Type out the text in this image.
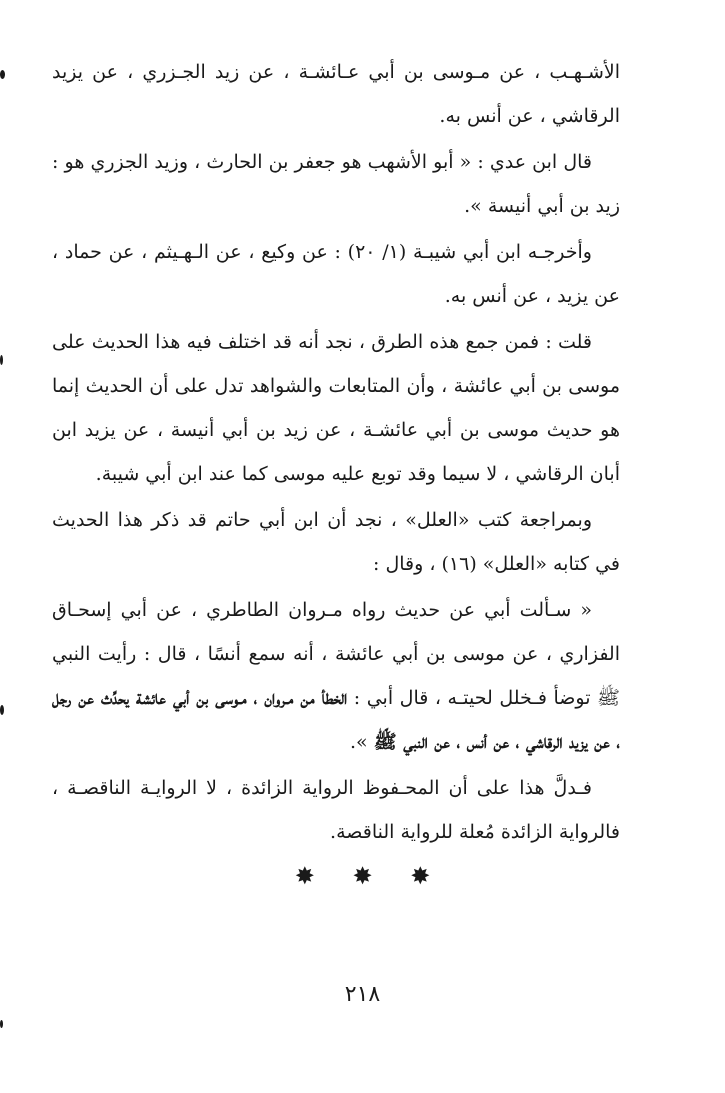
الأشـهـب ، عن مـوسى بن أبي عـائشـة ، عن زيد الجـزري ، عن يزيد الرقاشي ، عن أنس به.

قال ابن عدي : « أبو الأشهب هو جعفر بن الحارث ، وزيد الجزري هو : زيد بن أبي أنيسة ».

وأخرجـه ابن أبي شيبـة (١/ ٢٠) : عن وكيع ، عن الـهـيثم ، عن حماد ، عن يزيد ، عن أنس به.

قلت : فمن جمع هذه الطرق ، نجد أنه قد اختلف فيه هذا الحديث على موسى بن أبي عائشة ، وأن المتابعات والشواهد تدل على أن الحديث إنما هو حديث موسى بن أبي عائشـة ، عن زيد بن أبي أنيسة ، عن يزيد ابن أبان الرقاشي ، لا سيما وقد توبع عليه موسى كما عند ابن أبي شيبة.

وبمراجعة كتب «العلل» ، نجد أن ابن أبي حاتم قد ذكر هذا الحديث في كتابه «العلل» (١٦) ، وقال :

« سـألت أبي عن حديث رواه مـروان الطاطري ، عن أبي إسحـاق الفزاري ، عن موسى بن أبي عائشة ، أنه سمع أنسًا ، قال : رأيت النبي ﷺ توضأ فـخلل لحيتـه ، قال أبي : الخطأ من مـروان ، مـوسى بن أبي عائشة يحدِّث عن رجل ، عن يزيد الرقاشي ، عن أنس ، عن النبي ﷺ ».

فـدلَّ هذا على أن المحـفوظ الرواية الزائدة ، لا الروايـة الناقصـة ، فالرواية الزائدة مُعلة للرواية الناقصة.

✸ ✸ ✸
٢١٨
